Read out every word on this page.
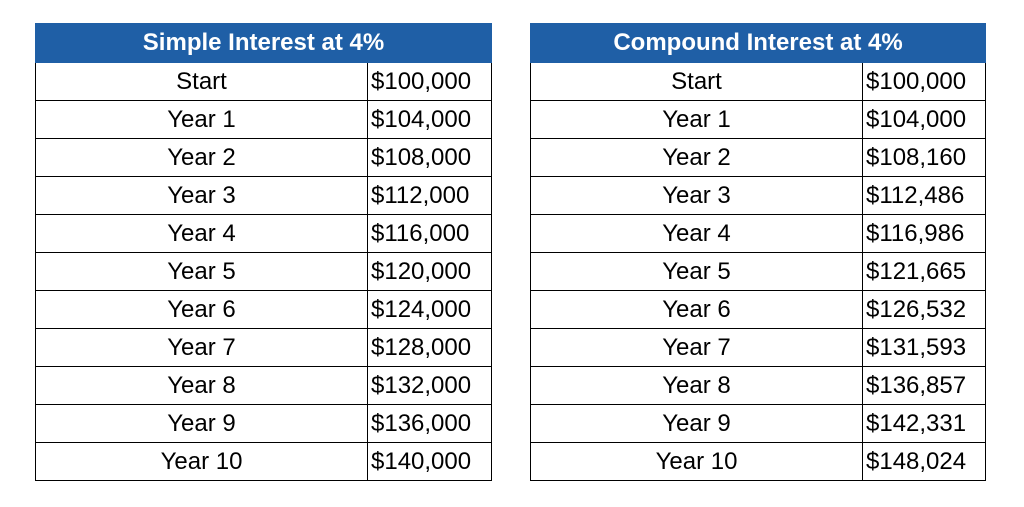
Simple Interest at 4%	
Start	$100,000
Year 1	$104,000
Year 2	$108,000
Year 3	$112,000
Year 4	$116,000
Year 5	$120,000
Year 6	$124,000
Year 7	$128,000
Year 8	$132,000
Year 9	$136,000
Year 10	$140,000
Compound Interest at 4%	
Start	$100,000
Year 1	$104,000
Year 2	$108,160
Year 3	$112,486
Year 4	$116,986
Year 5	$121,665
Year 6	$126,532
Year 7	$131,593
Year 8	$136,857
Year 9	$142,331
Year 10	$148,024
